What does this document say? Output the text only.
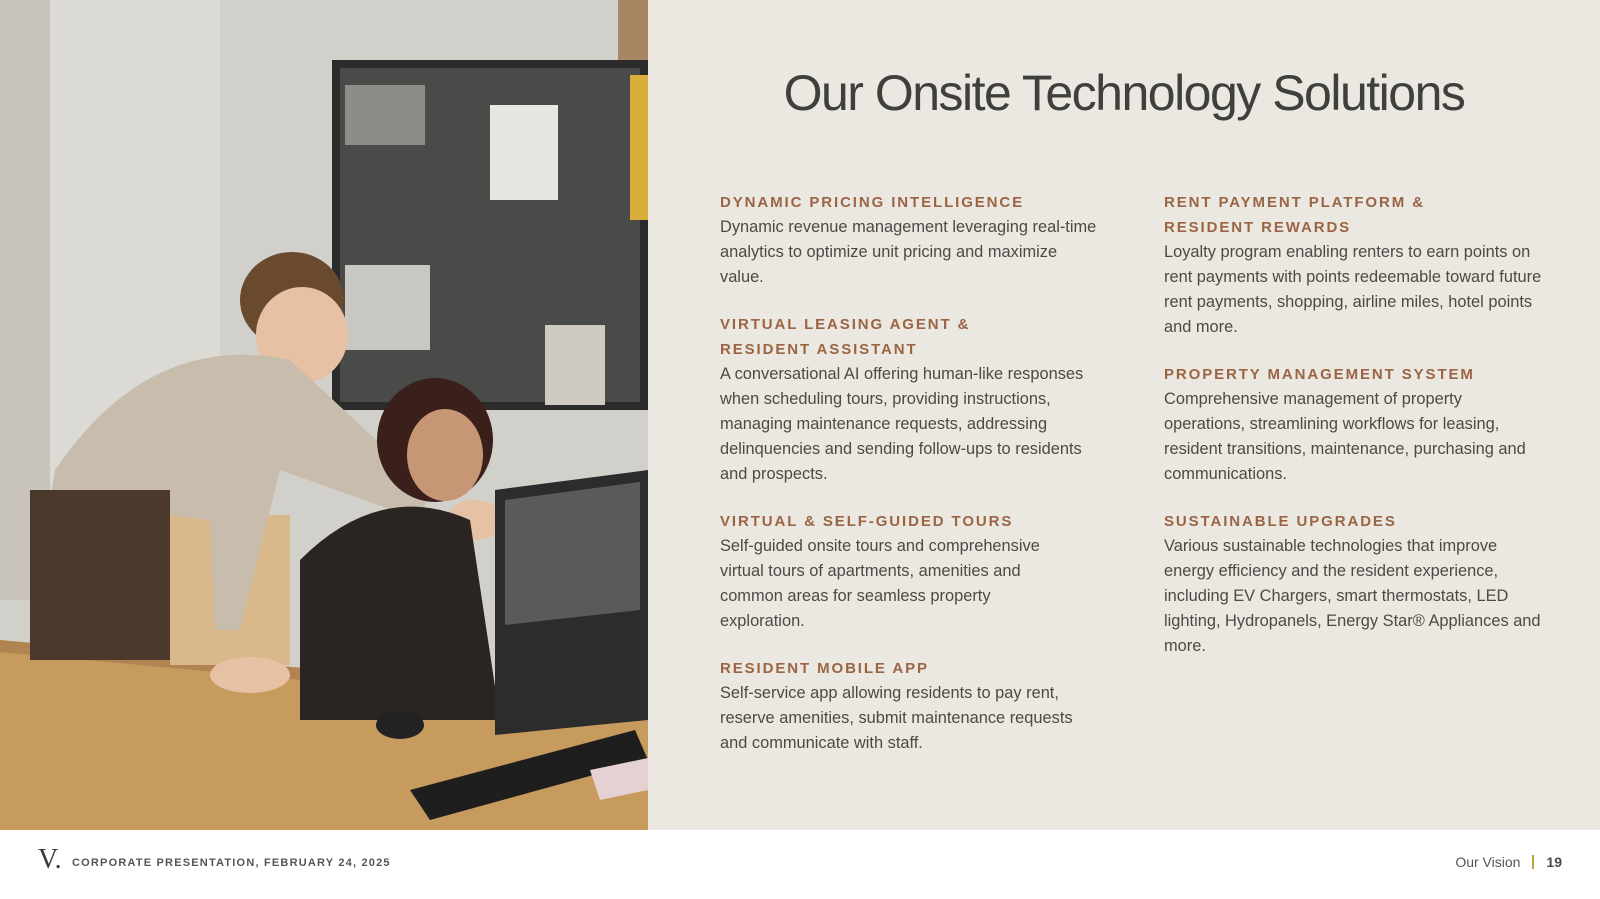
Our Onsite Technology Solutions
DYNAMIC PRICING INTELLIGENCE

Dynamic revenue management leveraging real-time analytics to optimize unit pricing and maximize value.

VIRTUAL LEASING AGENT & RESIDENT ASSISTANT

A conversational AI offering human-like responses when scheduling tours, providing instructions, managing maintenance requests, addressing delinquencies and sending follow-ups to residents and prospects.

VIRTUAL & SELF-GUIDED TOURS

Self-guided onsite tours and comprehensive virtual tours of apartments, amenities and common areas for seamless property exploration.

RESIDENT MOBILE APP

Self-service app allowing residents to pay rent, reserve amenities, submit maintenance requests and communicate with staff.

RENT PAYMENT PLATFORM & RESIDENT REWARDS

Loyalty program enabling renters to earn points on rent payments with points redeemable toward future rent payments, shopping, airline miles, hotel points and more.

PROPERTY MANAGEMENT SYSTEM

Comprehensive management of property operations, streamlining workflows for leasing, resident transitions, maintenance, purchasing and communications.

SUSTAINABLE UPGRADES

Various sustainable technologies that improve energy efficiency and the resident experience, including EV Chargers, smart thermostats, LED lighting, Hydropanels, Energy Star® Appliances and more.

V. CORPORATE PRESENTATION, FEBRUARY 24, 2025	Our Vision 19
